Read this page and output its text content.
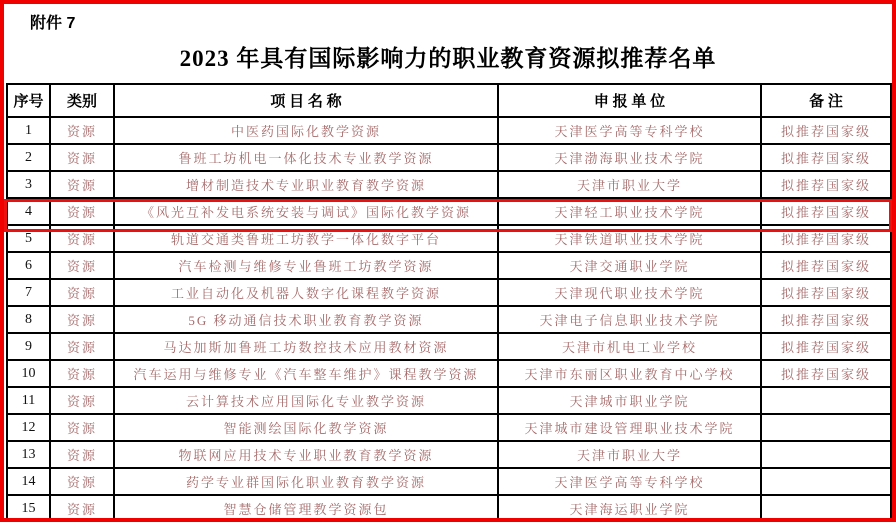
附件 7
2023 年具有国际影响力的职业教育资源拟推荐名单
序号	类别	项 目 名 称	申 报 单 位	备 注
1	资源	中医药国际化教学资源	天津医学高等专科学校	拟推荐国家级
2	资源	鲁班工坊机电一体化技术专业教学资源	天津渤海职业技术学院	拟推荐国家级
3	资源	增材制造技术专业职业教育教学资源	天津市职业大学	拟推荐国家级
4	资源	《风光互补发电系统安装与调试》国际化教学资源	天津轻工职业技术学院	拟推荐国家级
5	资源	轨道交通类鲁班工坊教学一体化数字平台	天津铁道职业技术学院	拟推荐国家级
6	资源	汽车检测与维修专业鲁班工坊教学资源	天津交通职业学院	拟推荐国家级
7	资源	工业自动化及机器人数字化课程教学资源	天津现代职业技术学院	拟推荐国家级
8	资源	5G 移动通信技术职业教育教学资源	天津电子信息职业技术学院	拟推荐国家级
9	资源	马达加斯加鲁班工坊数控技术应用教材资源	天津市机电工业学校	拟推荐国家级
10	资源	汽车运用与维修专业《汽车整车维护》课程教学资源	天津市东丽区职业教育中心学校	拟推荐国家级
11	资源	云计算技术应用国际化专业教学资源	天津城市职业学院	
12	资源	智能测绘国际化教学资源	天津城市建设管理职业技术学院	
13	资源	物联网应用技术专业职业教育教学资源	天津市职业大学	
14	资源	药学专业群国际化职业教育教学资源	天津医学高等专科学校	
15	资源	智慧仓储管理教学资源包	天津海运职业学院	
